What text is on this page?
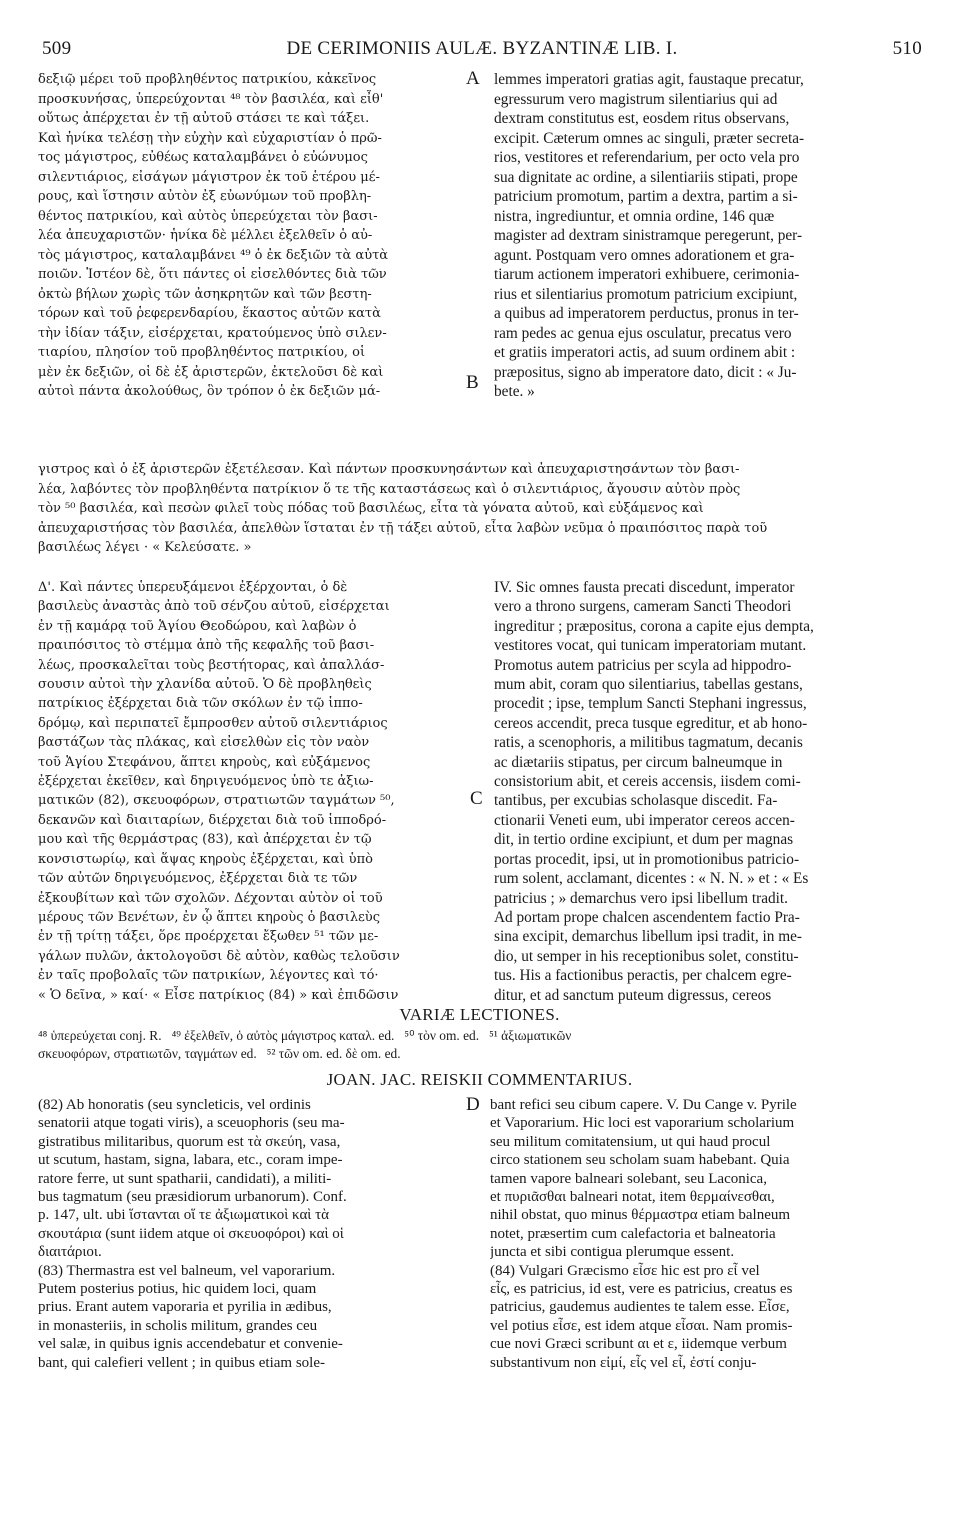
509	DE CERIMONIIS AULÆ. BYZANTINÆ LIB. I.	510
δεξιῷ μέρει τοῦ προβληθέντος πατρικίου, κἀκεῖνος
προσκυνήσας, ὑπερεύχονται ⁴⁸ τὸν βασιλέα, καὶ εἶθ'
οὕτως ἀπέρχεται ἐν τῇ αὐτοῦ στάσει τε καὶ τάξει.
Καὶ ἡνίκα τελέσῃ τὴν εὐχὴν καὶ εὐχαριστίαν ὁ πρῶ-
τος μάγιστρος, εὐθέως καταλαμβάνει ὁ εὐώνυμος
σιλεντιάριος, εἰσάγων μάγιστρον ἐκ τοῦ ἑτέρου μέ-
ρους, καὶ ἵστησιν αὐτὸν ἐξ εὐωνύμων τοῦ προβλη-
θέντος πατρικίου, καὶ αὐτὸς ὑπερεύχεται τὸν βασι-
λέα ἀπευχαριστῶν· ἡνίκα δὲ μέλλει ἐξελθεῖν ὁ αὐ-
τὸς μάγιστρος, καταλαμβάνει ⁴⁹ ὁ ἐκ δεξιῶν τὰ αὐτὰ
ποιῶν. Ἰστέον δὲ, ὅτι πάντες οἱ εἰσελθόντες διὰ τῶν
ὀκτὼ βήλων χωρὶς τῶν ἀσηκρητῶν καὶ τῶν βεστη-
τόρων καὶ τοῦ ῥεφερενδαρίου, ἕκαστος αὐτῶν κατὰ
τὴν ἰδίαν τάξιν, εἰσέρχεται, κρατούμενος ὑπὸ σιλεν-
τιαρίου, πλησίον τοῦ προβληθέντος πατρικίου, οἱ
μὲν ἐκ δεξιῶν, οἱ δὲ ἐξ ἀριστερῶν, ἐκτελοῦσι δὲ καὶ
αὐτοὶ πάντα ἀκολούθως, ὃν τρόπον ὁ ἐκ δεξιῶν μά-
lemmes imperatori gratias agit, faustaque precatur,
egressurum vero magistrum silentiarius qui ad
dextram constitutus est, eosdem ritus observans,
excipit. Cæterum omnes ac singuli, præter secreta-
rios, vestitores et referendarium, per octo vela pro
sua dignitate ac ordine, a silentiariis stipati, prope
patricium promotum, partim a dextra, partim a si-
nistra, ingrediuntur, et omnia ordine, 146 quæ
magister ad dextram sinistramque peregerunt, per-
agunt. Postquam vero omnes adorationem et gra-
tiarum actionem imperatori exhibuere, cerimonia-
rius et silentiarius promotum patricium excipiunt,
a quibus ad imperatorem perductus, pronus in ter-
ram pedes ac genua ejus osculatur, precatus vero
et gratiis imperatori actis, ad suum ordinem abit :
præpositus, signo ab imperatore dato, dicit : « Ju-
bete. »
A
B
γιστρος καὶ ὁ ἐξ ἀριστερῶν ἐξετέλεσαν. Καὶ πάντων προσκυνησάντων καὶ ἀπευχαριστησάντων τὸν βασι-
λέα, λαβόντες τὸν προβληθέντα πατρίκιον ὅ τε τῆς καταστάσεως καὶ ὁ σιλεντιάριος, ἄγουσιν αὐτὸν πρὸς
τὸν ⁵⁰ βασιλέα, καὶ πεσὼν φιλεῖ τοὺς πόδας τοῦ βασιλέως, εἶτα τὰ γόνατα αὐτοῦ, καὶ εὐξάμενος καὶ
ἀπευχαριστήσας τὸν βασιλέα, ἀπελθὼν ἵσταται ἐν τῇ τάξει αὐτοῦ, εἶτα λαβὼν νεῦμα ὁ πραιπόσιτος παρὰ τοῦ
βασιλέως λέγει · « Κελεύσατε. »
Δ'. Καὶ πάντες ὑπερευξάμενοι ἐξέρχονται, ὁ δὲ
βασιλεὺς ἀναστὰς ἀπὸ τοῦ σένζου αὐτοῦ, εἰσέρχεται
ἐν τῇ καμάρᾳ τοῦ Ἁγίου Θεοδώρου, καὶ λαβὼν ὁ
πραιπόσιτος τὸ στέμμα ἀπὸ τῆς κεφαλῆς τοῦ βασι-
λέως, προσκαλεῖται τοὺς βεστήτορας, καὶ ἀπαλλάσ-
σουσιν αὐτοὶ τὴν χλανίδα αὐτοῦ. Ὁ δὲ προβληθεὶς
πατρίκιος ἐξέρχεται διὰ τῶν σκόλων ἐν τῷ ἱππο-
δρόμῳ, καὶ περιπατεῖ ἔμπροσθεν αὐτοῦ σιλεντιάριος
βαστάζων τὰς πλάκας, καὶ εἰσελθὼν εἰς τὸν ναὸν
τοῦ Ἁγίου Στεφάνου, ἅπτει κηροὺς, καὶ εὐξάμενος
ἐξέρχεται ἐκεῖθεν, καὶ δηριγευόμενος ὑπὸ τε ἀξιω-
ματικῶν (82), σκευοφόρων, στρατιωτῶν ταγμάτων ⁵⁰,
δεκανῶν καὶ διαιταρίων, διέρχεται διὰ τοῦ ἱπποδρό-
μου καὶ τῆς θερμάστρας (83), καὶ ἀπέρχεται ἐν τῷ
κονσιστωρίῳ, καὶ ἅψας κηροὺς ἐξέρχεται, καὶ ὑπὸ
τῶν αὐτῶν δηριγευόμενος, ἐξέρχεται διὰ τε τῶν
ἐξκουβίτων καὶ τῶν σχολῶν. Δέχονται αὐτὸν οἱ τοῦ
μέρους τῶν Βενέτων, ἐν ᾧ ἅπτει κηροὺς ὁ βασιλεὺς
ἐν τῇ τρίτῃ τάξει, ὅρε προέρχεται ἔξωθεν ⁵¹ τῶν με-
γάλων πυλῶν, ἀκτολογοῦσι δὲ αὐτὸν, καθὼς τελοῦσιν
ἐν ταῖς προβολαῖς τῶν πατρικίων, λέγοντες καὶ τό·
« Ὁ δεῖνα, » καί· « Εἶσε πατρίκιος (84) » καὶ ἐπιδῶσιν
IV. Sic omnes fausta precati discedunt, imperator
vero a throno surgens, cameram Sancti Theodori
ingreditur ; præpositus, corona a capite ejus dempta,
vestitores vocat, qui tunicam imperatoriam mutant.
Promotus autem patricius per scyla ad hippodro-
mum abit, coram quo silentiarius, tabellas gestans,
procedit ; ipse, templum Sancti Stephani ingressus,
cereos accendit, preca tusque egreditur, et ab hono-
ratis, a scenophoris, a militibus tagmatum, decanis
ac diætariis stipatus, per circum balneumque in
consistorium abit, et cereis accensis, iisdem comi-
tantibus, per excubias scholasque discedit. Fa-
ctionarii Veneti eum, ubi imperator cereos accen-
dit, in tertio ordine excipiunt, et dum per magnas
portas procedit, ipsi, ut in promotionibus patricio-
rum solent, acclamant, dicentes : « N. N. » et : « Es
patricius ; » demarchus vero ipsi libellum tradit.
Ad portam prope chalcen ascendentem factio Pra-
sina excipit, demarchus libellum ipsi tradit, in me-
dio, ut semper in his receptionibus solet, constitu-
tus. His a factionibus peractis, per chalcem egre-
ditur, et ad sanctum puteum digressus, cereos
C
VARIÆ LECTIONES.
⁴⁸ ὑπερεύχεται conj. R.   ⁴⁹ ἐξελθεῖν, ὁ αὐτὸς μάγιστρος καταλ. ed.   ⁵⁰ τὸν om. ed.   ⁵¹ ἀξιωματικῶν
σκευοφόρων, στρατιωτῶν, ταγμάτων ed.   ⁵² τῶν om. ed. δὲ om. ed.
JOAN. JAC. REISKII COMMENTARIUS.
(82) Ab honoratis (seu syncleticis, vel ordinis
senatorii atque togati viris), a sceuophoris (seu ma-
gistratibus militaribus, quorum est τὰ σκεύη, vasa,
ut scutum, hastam, signa, labara, etc., coram impe-
ratore ferre, ut sunt spatharii, candidati), a militi-
bus tagmatum (seu præsidiorum urbanorum). Conf.
p. 147, ult. ubi ἵστανται οἵ τε ἀξιωματικοὶ καὶ τὰ
σκουτάρια (sunt iidem atque οἱ σκευοφόροι) καὶ οἱ
διαιτάριοι.
(83) Thermastra est vel balneum, vel vaporarium.
Putem posterius potius, hic quidem loci, quam
prius. Erant autem vaporaria et pyrilia in ædibus,
in monasteriis, in scholis militum, grandes ceu
vel salæ, in quibus ignis accendebatur et convenie-
bant, qui calefieri vellent ; in quibus etiam sole-
D bant refici seu cibum capere. V. Du Cange v. Pyrile
et Vaporarium. Hic loci est vaporarium scholarium
seu militum comitatensium, ut qui haud procul
circo stationem seu scholam suam habebant. Quia
tamen vapore balneari solebant, seu Laconica,
et πυριᾶσθαι balneari notat, item θερμαίνεσθαι,
nihil obstat, quo minus θέρμαστρα etiam balneum
notet, præsertim cum calefactoria et balneatoria
juncta et sibi contigua plerumque essent.
(84) Vulgari Græcismo εἶσε hic est pro εἶ vel
εἶς, es patricius, id est, vere es patricius, creatus es
patricius, gaudemus audientes te talem esse. Εἶσε,
vel potius εἶσε, est idem atque εἶσαι. Nam promis-
cue novi Græci scribunt αι et ε, iidemque verbum
substantivum non εἰμί, εἶς vel εἶ, ἐστί conju-
